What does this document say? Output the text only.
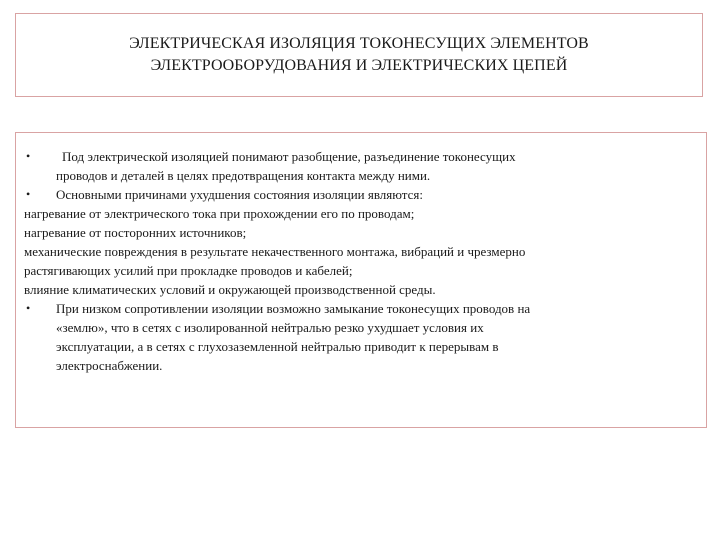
ЭЛЕКТРИЧЕСКАЯ ИЗОЛЯЦИЯ ТОКОНЕСУЩИХ ЭЛЕМЕНТОВ
ЭЛЕКТРООБОРУДОВАНИЯ И ЭЛЕКТРИЧЕСКИХ ЦЕПЕЙ
• Под электрической изоляцией понимают разобщение, разъединение токонесущих
проводов и деталей в целях предотвращения контакта между ними.
• Основными причинами ухудшения состояния изоляции являются:
нагревание от электрического тока при прохождении его по проводам;
нагревание от посторонних источников;
механические повреждения в результате некачественного монтажа, вибраций и чрезмерно
растягивающих усилий при прокладке проводов и кабелей;
влияние климатических условий и окружающей производственной среды.
• При низком сопротивлении изоляции возможно замыкание токонесущих проводов на
«землю», что в сетях с изолированной нейтралью резко ухудшает условия их
эксплуатации, а в сетях с глухозаземленной нейтралью приводит к перерывам в
электроснабжении.
